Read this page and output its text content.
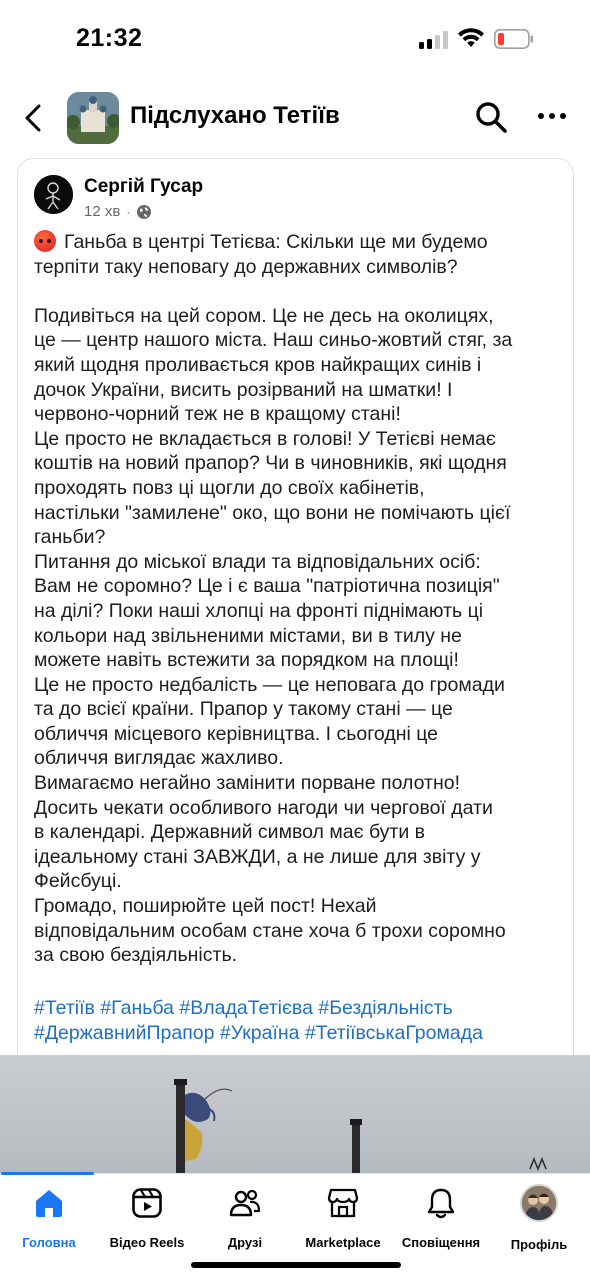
21:32
Підслухано Тетіїв
Сергій Гусар
12 хв ·
Ганьба в центрі Тетієва: Скільки ще ми будемо
терпіти таку неповагу до державних символів?
Подивіться на цей сором. Це не десь на околицях,
це — центр нашого міста. Наш синьо-жовтий стяг, за
який щодня проливається кров найкращих синів і
дочок України, висить розірваний на шматки! І
червоно-чорний теж не в кращому стані!
Це просто не вкладається в голові! У Тетієві немає
коштів на новий прапор? Чи в чиновників, які щодня
проходять повз ці щогли до своїх кабінетів,
настільки "замилене" око, що вони не помічають цієї
ганьби?
Питання до міської влади та відповідальних осіб:
Вам не соромно? Це і є ваша "патріотична позиція"
на ділі? Поки наші хлопці на фронті піднімають ці
кольори над звільненими містами, ви в тилу не
можете навіть встежити за порядком на площі!
Це не просто недбалість — це неповага до громади
та до всієї країни. Прапор у такому стані — це
обличчя місцевого керівництва. І сьогодні це
обличчя виглядає жахливо.
Вимагаємо негайно замінити порване полотно!
Досить чекати особливого нагоди чи чергової дати
в календарі. Державний символ має бути в
ідеальному стані ЗАВЖДИ, а не лише для звіту у
Фейсбуці.
Громадо, поширюйте цей пост! Нехай
відповідальним особам стане хоча б трохи соромно
за свою бездіяльність.
#Тетіїв #Ганьба #ВладаТетієва #Бездіяльність
#ДержавнийПрапор #Україна #ТетіївськаГромада
Головна	Відео Reels	Друзі	Marketplace	Сповіщення	Профіль
